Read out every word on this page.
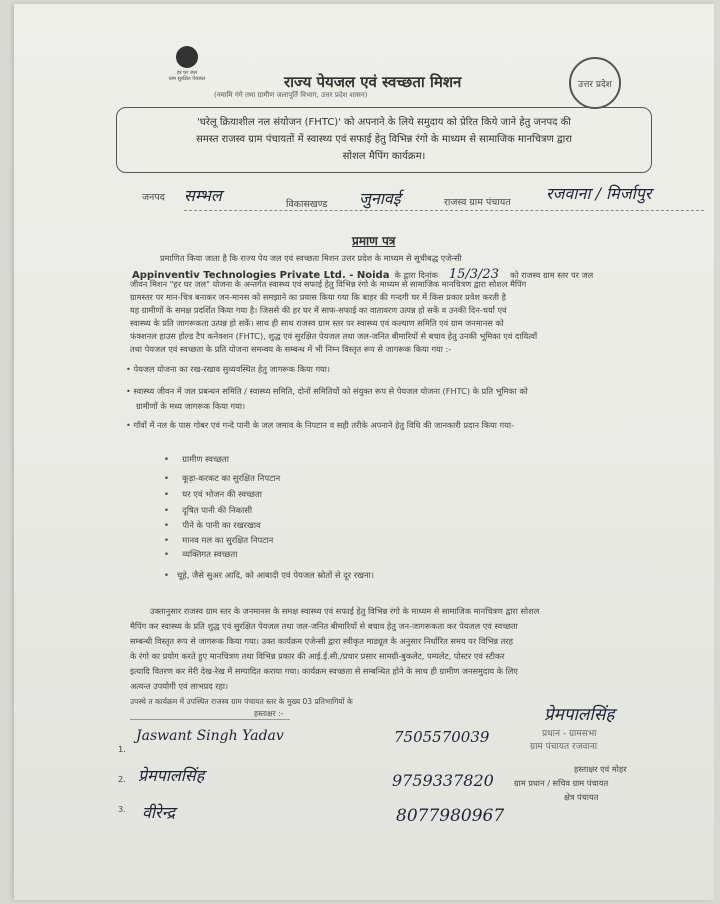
हर घर जल
ग्राम सुरक्षित पेयजल
उत्तर प्रदेश
राज्य पेयजल एवं स्वच्छता मिशन
(नमामि गंगे तथा ग्रामीण जलापूर्ति विभाग, उत्तर प्रदेश शासन)
'घरेलू क्रियाशील नल संयोजन (FHTC)' को अपनाने के लिये समुदाय को प्रेरित किये जाने हेतु जनपद की
समस्त राजस्व ग्राम पंचायतों में स्वास्थ्य एवं सफाई हेतु विभिन्न रंगो के माध्यम से सामाजिक मानचित्रण द्वारा
सोशल मैपिंग कार्यक्रम।
जनपद सम्भल	विकासखण्ड जुनावई	राजस्व ग्राम पंचायत रजवाना / मिर्जापुर
प्रमाण पत्र
प्रमाणित किया जाता है कि राज्य पेय जल एवं स्वच्छता मिशन उत्तर प्रदेश के माध्यम से सूचीबद्ध एजेन्सी
Appinventiv Technologies Private Ltd. - Noida के द्वारा दिनांक 15/3/23 को राजस्व ग्राम स्तर पर जल
जीवन मिशन "हर घर जल" योजना के अन्तर्गत स्वास्थ्य एवं सफाई हेतु विभिन्न रंगो के माध्यम से सामाजिक मानचित्रण द्वारा सोशल मैपिंग
ग्रामस्तर पर मान-चित्र बनाकर जन-मानस को समझाने का प्रयास किया गया कि बाहर की गन्दगी घर में किस प्रकार प्रवेश करती है
यह ग्रामीणों के समक्ष प्रदर्शित किया गया है। जिससे की हर घर में साफ-सफाई का वातावरण उत्पन्न हो सकें व उनकी दिन-चर्या एवं
स्वास्थ्य के प्रति जागरूकता उत्पन्न हो सकें। साथ ही साथ राजस्व ग्राम स्तर पर स्वास्थ्य एवं कल्याण समिति एवं ग्राम जनमानस को
फंक्शनल हाउस होल्ड टैप कनेक्शन (FHTC), शुद्ध एवं सुरक्षित पेयजल तथा जल-जनित बीमारियों से बचाव हेतु उनकी भूमिका एवं दायित्वों
तथा पेयजल एवं स्वच्छता के प्रति योजना समन्वय के सम्बन्ध में भी निम्न विस्तृत रूप से जागरूक किया गया :-
• पेयजल योजना का रख-रखाव सुव्यवस्थित हेतु जागरूक किया गया।
• स्वास्थ्य जीवन में जल प्रबन्धन समिति / स्वास्थ्य समिति, दोनों समितियों को संयुक्त रूप से पेयजल योजना (FHTC) के प्रति भूमिका को
ग्रामीणों के मध्य जागरूक किया गया।
• गाँवों में नल के पास गोबर एवं गन्दे पानी के जल जमाव के निपटान व सही तरीके अपनाने हेतु विधि की जानकारी प्रदान किया गया-
•     ग्रामीण स्वच्छता
•     कूड़ा-करकट का सुरक्षित निपटान
•     घर एवं भोजन की स्वच्छता
•     दूषित पानी की निकासी
•     पीने के पानी का रखरखाव
•     मानव मल का सुरक्षित निपटान
•     व्यक्तिगत स्वच्छता
•   चूहे, जैसे सुअर आदि, को आबादी एवं पेयजल स्रोतों से दूर रखना।
उक्तानुसार राजस्व ग्राम स्तर के जनमानस के समक्ष स्वास्थ्य एवं सफाई हेतु विभिन्न रंगो के माध्यम से सामाजिक मानचित्रण द्वारा सोशल
मैपिंग कर स्वास्थ्य के प्रति शुद्ध एवं सुरक्षित पेयजल तथा जल-जनित बीमारियों से बचाव हेतु जन-जागरूकता कर पेयजल एवं स्वच्छता
सम्बन्धी विस्तृत रूप से जागरूक किया गया। उक्त कार्यक्रम एजेन्सी द्वारा स्वीकृत माड्यूल के अनुसार निर्धारित समय पर विभिन्न तरह
के रंगो का प्रयोग करते हुए मानचित्रण तथा विभिन्न प्रकार की आई.ई.सी./प्रचार प्रसार सामग्री-बुकलेट, पम्पलेट, पोस्टर एवं स्टीकर
इत्यादि वितरण कर मेरी देख-रेख में सम्पादित कराया गया। कार्यक्रम स्वच्छता से सम्बन्धित होने के साथ ही ग्रामीण जनसमुदाय के लिए
अत्यन्त उपयोगी एवं लाभप्रद रहा।
उपस्थे त कार्यक्रम में उपस्थित राजस्व ग्राम पंचायत स्तर के मुख्य 03 प्रतिभागियों के
हस्ताक्षर :-
1.
Jaswant Singh Yadav	7505570039
2. प्रेमपालसिंह	9759337820
3. वीरेन्द्र	8077980967
प्रेमपालसिंह
प्रधान - ग्रामसभा
ग्राम पंचायत रजवाना
हस्ताक्षर एवं मोहर
ग्राम प्रधान / सचिव ग्राम पंचायत
क्षेत्र पंचायत
